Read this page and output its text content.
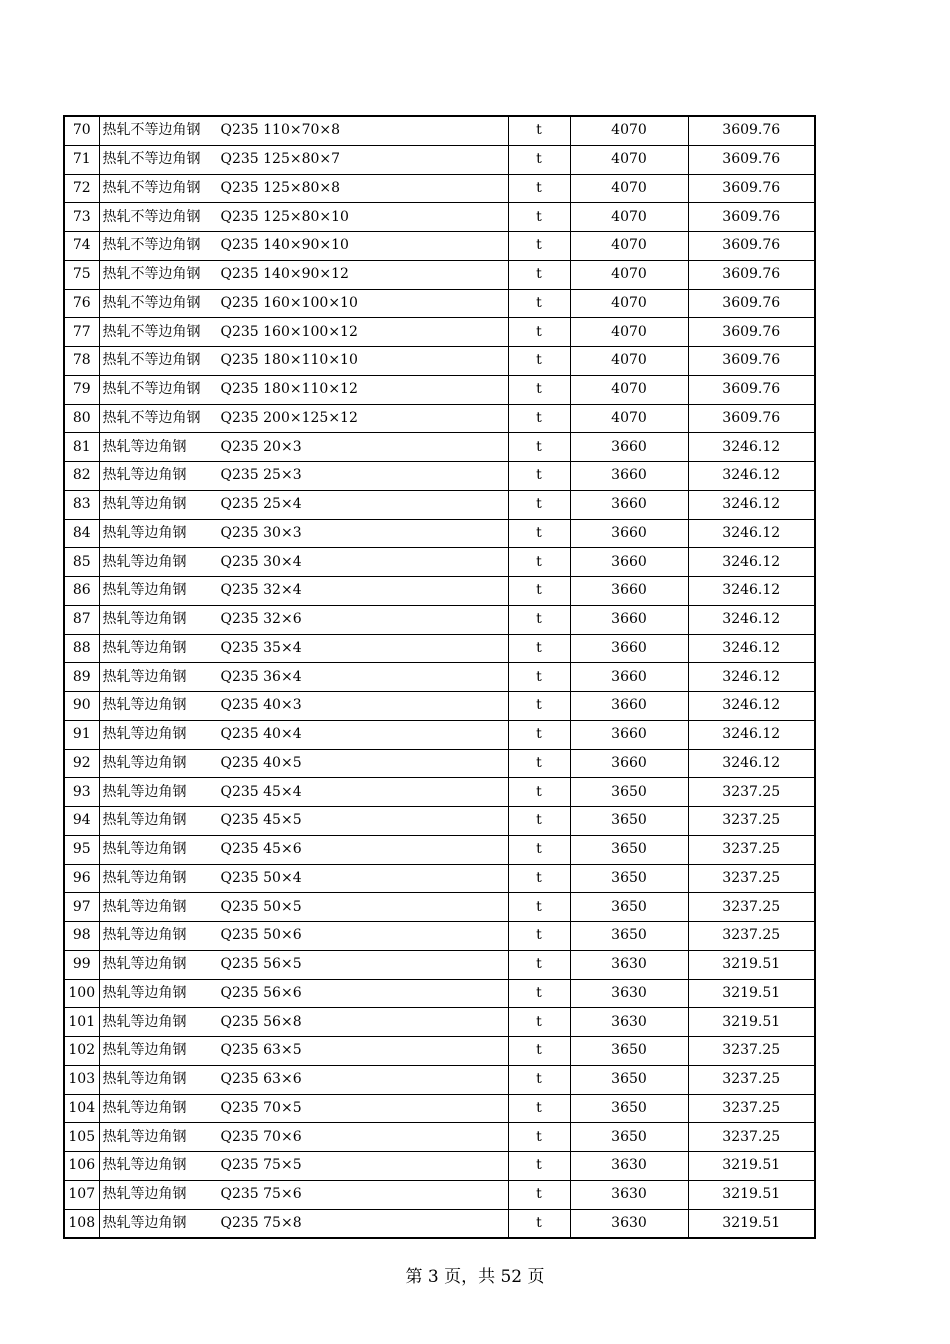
70	热轧不等边角钢 Q235 110×70×8	t	4070	3609.76
71	热轧不等边角钢 Q235 125×80×7	t	4070	3609.76
72	热轧不等边角钢 Q235 125×80×8	t	4070	3609.76
73	热轧不等边角钢 Q235 125×80×10	t	4070	3609.76
74	热轧不等边角钢 Q235 140×90×10	t	4070	3609.76
75	热轧不等边角钢 Q235 140×90×12	t	4070	3609.76
76	热轧不等边角钢 Q235 160×100×10	t	4070	3609.76
77	热轧不等边角钢 Q235 160×100×12	t	4070	3609.76
78	热轧不等边角钢 Q235 180×110×10	t	4070	3609.76
79	热轧不等边角钢 Q235 180×110×12	t	4070	3609.76
80	热轧不等边角钢 Q235 200×125×12	t	4070	3609.76
81	热轧等边角钢 Q235 20×3	t	3660	3246.12
82	热轧等边角钢 Q235 25×3	t	3660	3246.12
83	热轧等边角钢 Q235 25×4	t	3660	3246.12
84	热轧等边角钢 Q235 30×3	t	3660	3246.12
85	热轧等边角钢 Q235 30×4	t	3660	3246.12
86	热轧等边角钢 Q235 32×4	t	3660	3246.12
87	热轧等边角钢 Q235 32×6	t	3660	3246.12
88	热轧等边角钢 Q235 35×4	t	3660	3246.12
89	热轧等边角钢 Q235 36×4	t	3660	3246.12
90	热轧等边角钢 Q235 40×3	t	3660	3246.12
91	热轧等边角钢 Q235 40×4	t	3660	3246.12
92	热轧等边角钢 Q235 40×5	t	3660	3246.12
93	热轧等边角钢 Q235 45×4	t	3650	3237.25
94	热轧等边角钢 Q235 45×5	t	3650	3237.25
95	热轧等边角钢 Q235 45×6	t	3650	3237.25
96	热轧等边角钢 Q235 50×4	t	3650	3237.25
97	热轧等边角钢 Q235 50×5	t	3650	3237.25
98	热轧等边角钢 Q235 50×6	t	3650	3237.25
99	热轧等边角钢 Q235 56×5	t	3630	3219.51
100	热轧等边角钢 Q235 56×6	t	3630	3219.51
101	热轧等边角钢 Q235 56×8	t	3630	3219.51
102	热轧等边角钢 Q235 63×5	t	3650	3237.25
103	热轧等边角钢 Q235 63×6	t	3650	3237.25
104	热轧等边角钢 Q235 70×5	t	3650	3237.25
105	热轧等边角钢 Q235 70×6	t	3650	3237.25
106	热轧等边角钢 Q235 75×5	t	3630	3219.51
107	热轧等边角钢 Q235 75×6	t	3630	3219.51
108	热轧等边角钢 Q235 75×8	t	3630	3219.51
第 3 页，共 52 页
